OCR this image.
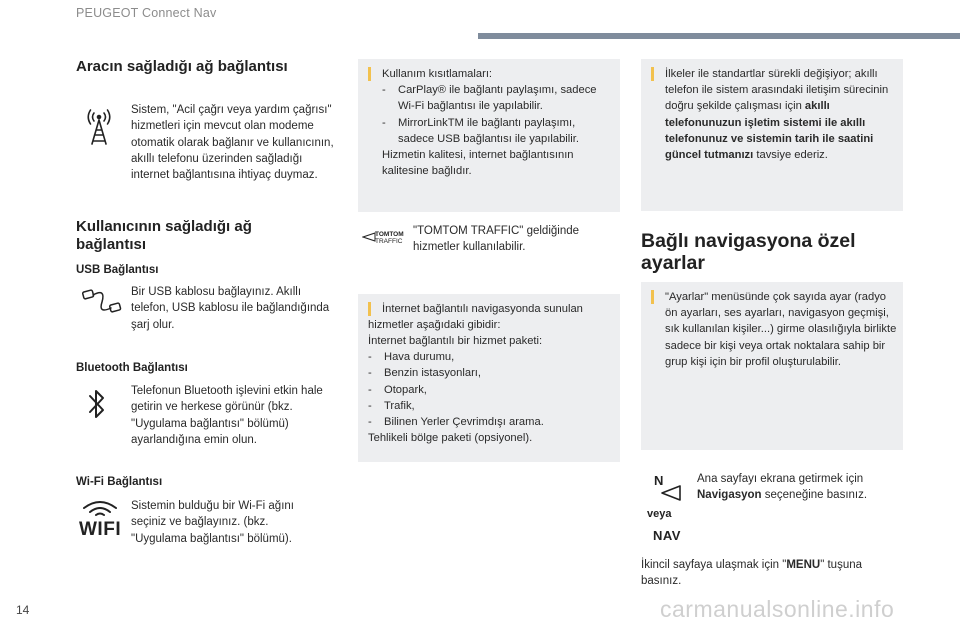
PEUGEOT Connect Nav
Aracın sağladığı ağ bağlantısı
Sistem, "Acil çağrı veya yardım çağrısı" hizmetleri için mevcut olan modeme otomatik olarak bağlanır ve kullanıcının, akıllı telefonu üzerinden sağladığı internet bağlantısına ihtiyaç duymaz.
Kullanıcının sağladığı ağ bağlantısı
USB Bağlantısı
Bir USB kablosu bağlayınız. Akıllı telefon, USB kablosu ile bağlandığında şarj olur.
Bluetooth Bağlantısı
Telefonun Bluetooth işlevini etkin hale getirin ve herkese görünür (bkz. "Uygulama bağlantısı" bölümü) ayarlandığına emin olun.
Wi-Fi Bağlantısı
WIFI
Sistemin bulduğu bir Wi-Fi ağını seçiniz ve bağlayınız. (bkz. "Uygulama bağlantısı" bölümü).
Kullanım kısıtlamaları:
-	CarPlay® ile bağlantı paylaşımı, sadece Wi-Fi bağlantısı ile yapılabilir.
-	MirrorLinkTM ile bağlantı paylaşımı, sadece USB bağlantısı ile yapılabilir.
Hizmetin kalitesi, internet bağlantısının kalitesine bağlıdır.
TOMTOM
TRAFFIC
"TOMTOM TRAFFIC" geldiğinde hizmetler kullanılabilir.
İnternet bağlantılı navigasyonda sunulan hizmetler aşağıdaki gibidir:
İnternet bağlantılı bir hizmet paketi:
-	Hava durumu,
-	Benzin istasyonları,
-	Otopark,
-	Trafik,
-	Bilinen Yerler Çevrimdışı arama.
Tehlikeli bölge paketi (opsiyonel).
İlkeler ile standartlar sürekli değişiyor; akıllı telefon ile sistem arasındaki iletişim sürecinin doğru şekilde çalışması için akıllı telefonunuzun işletim sistemi ile akıllı telefonunuz ve sistemin tarih ile saatini güncel tutmanızı tavsiye ederiz.
Bağlı navigasyona özel ayarlar
"Ayarlar" menüsünde çok sayıda ayar (radyo ön ayarları, ses ayarları, navigasyon geçmişi, sık kullanılan kişiler...) girme olasılığıyla birlikte sadece bir kişi veya ortak noktalara sahip bir grup kişi için bir profil oluşturulabilir.
N
veya
NAV
Ana sayfayı ekrana getirmek için Navigasyon seçeneğine basınız.
İkincil sayfaya ulaşmak için "MENU" tuşuna basınız.
14	carmanualsonline.info
